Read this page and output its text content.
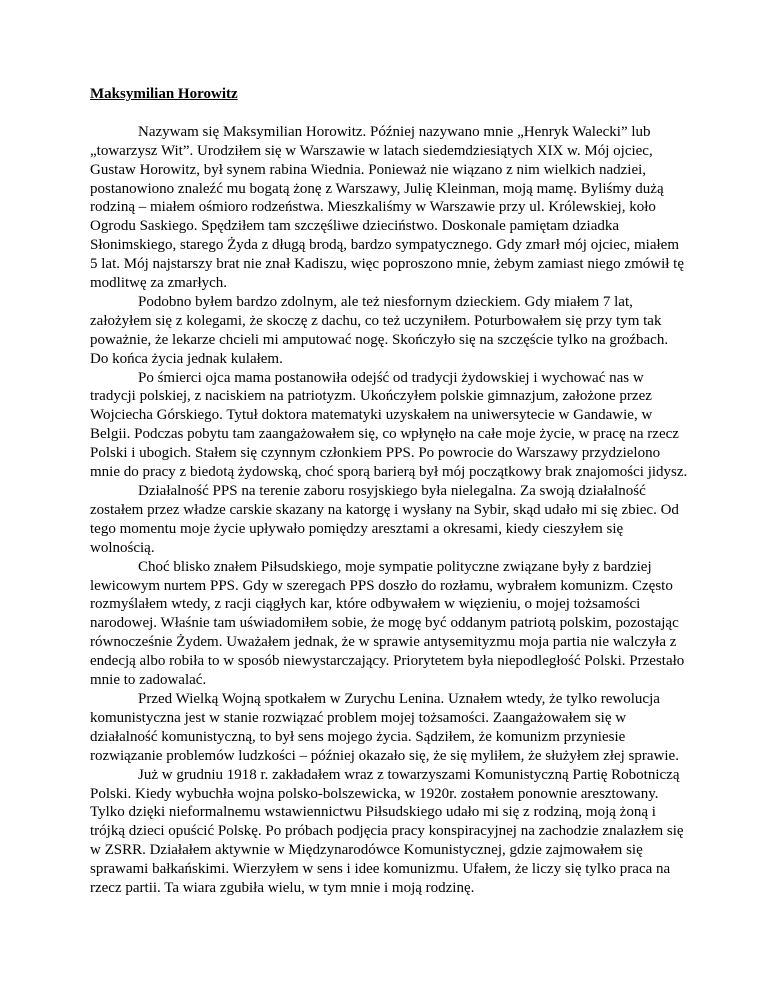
Maksymilian Horowitz

Nazywam się Maksymilian Horowitz. Później nazywano mnie „Henryk Walecki” lub „towarzysz Wit”. Urodziłem się w Warszawie w latach siedemdziesiątych XIX w. Mój ojciec, Gustaw Horowitz, był synem rabina Wiednia. Ponieważ nie wiązano z nim wielkich nadziei, postanowiono znaleźć mu bogatą żonę z Warszawy, Julię Kleinman, moją mamę. Byliśmy dużą rodziną – miałem ośmioro rodzeństwa. Mieszkaliśmy w Warszawie przy ul. Królewskiej, koło Ogrodu Saskiego. Spędziłem tam szczęśliwe dzieciństwo. Doskonale pamiętam dziadka Słonimskiego, starego Żyda z długą brodą, bardzo sympatycznego. Gdy zmarł mój ojciec, miałem 5 lat. Mój najstarszy brat nie znał Kadiszu, więc poproszono mnie, żebym zamiast niego zmówił tę modlitwę za zmarłych.

Podobno byłem bardzo zdolnym, ale też niesfornym dzieckiem. Gdy miałem 7 lat, założyłem się z kolegami, że skoczę z dachu, co też uczyniłem. Poturbowałem się przy tym tak poważnie, że lekarze chcieli mi amputować nogę. Skończyło się na szczęście tylko na groźbach. Do końca życia jednak kulałem.

Po śmierci ojca mama postanowiła odejść od tradycji żydowskiej i wychować nas w tradycji polskiej, z naciskiem na patriotyzm. Ukończyłem polskie gimnazjum, założone przez Wojciecha Górskiego. Tytuł doktora matematyki uzyskałem na uniwersytecie w Gandawie, w Belgii. Podczas pobytu tam zaangażowałem się, co wpłynęło na całe moje życie, w pracę na rzecz Polski i ubogich. Stałem się czynnym członkiem PPS. Po powrocie do Warszawy przydzielono mnie do pracy z biedotą żydowską, choć sporą barierą był mój początkowy brak znajomości jidysz.

Działalność PPS na terenie zaboru rosyjskiego była nielegalna. Za swoją działalność zostałem przez władze carskie skazany na katorgę i wysłany na Sybir, skąd udało mi się zbiec. Od tego momentu moje życie upływało pomiędzy aresztami a okresami, kiedy cieszyłem się wolnością.

Choć blisko znałem Piłsudskiego, moje sympatie polityczne związane były z bardziej lewicowym nurtem PPS. Gdy w szeregach PPS doszło do rozłamu, wybrałem komunizm. Często rozmyślałem wtedy, z racji ciągłych kar, które odbywałem w więzieniu, o mojej tożsamości narodowej. Właśnie tam uświadomiłem sobie, że mogę być oddanym patriotą polskim, pozostając równocześnie Żydem. Uważałem jednak, że w sprawie antysemityzmu moja partia nie walczyła z endecją albo robiła to w sposób niewystarczający. Priorytetem była niepodległość Polski. Przestało mnie to zadowalać.

Przed Wielką Wojną spotkałem w Zurychu Lenina. Uznałem wtedy, że tylko rewolucja komunistyczna jest w stanie rozwiązać problem mojej tożsamości. Zaangażowałem się w działalność komunistyczną, to był sens mojego życia. Sądziłem, że komunizm przyniesie rozwiązanie problemów ludzkości – później okazało się, że się myliłem, że służyłem złej sprawie.

Już w grudniu 1918 r. zakładałem wraz z towarzyszami Komunistyczną Partię Robotniczą Polski. Kiedy wybuchła wojna polsko-bolszewicka, w 1920r. zostałem ponownie aresztowany. Tylko dzięki nieformalnemu wstawiennictwu Piłsudskiego udało mi się z rodziną, moją żoną i trójką dzieci opuścić Polskę. Po próbach podjęcia pracy konspiracyjnej na zachodzie znalazłem się w ZSRR. Działałem aktywnie w Międzynarodówce Komunistycznej, gdzie zajmowałem się sprawami bałkańskimi. Wierzyłem w sens i idee komunizmu. Ufałem, że liczy się tylko praca na rzecz partii. Ta wiara zgubiła wielu, w tym mnie i moją rodzinę.
